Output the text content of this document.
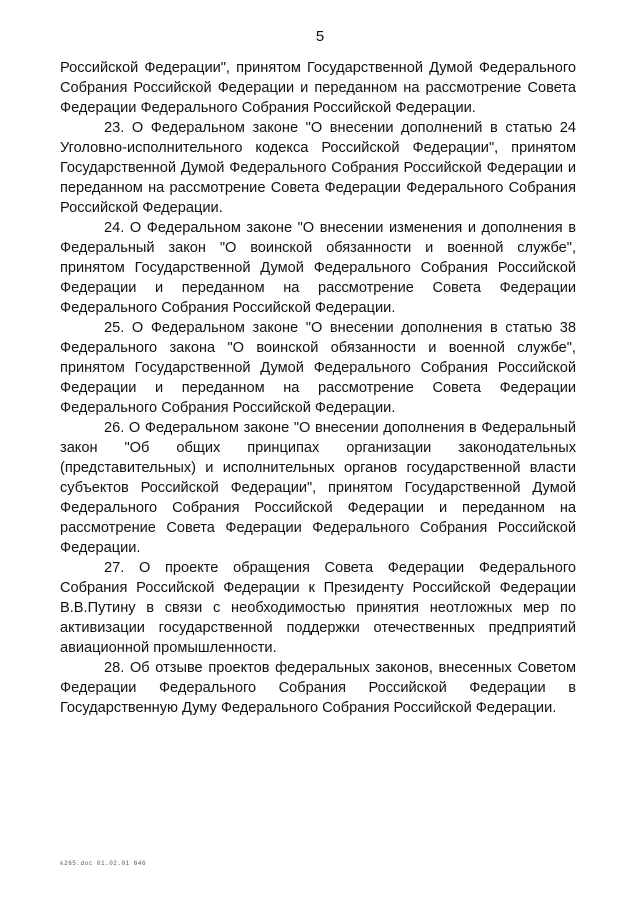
5

Российской Федерации", принятом Государственной Думой Федерального Собрания Российской Федерации и переданном на рассмотрение Совета Федерации Федерального Собрания Российской Федерации.

23. О Федеральном законе "О внесении дополнений в статью 24 Уголовно-исполнительного кодекса Российской Федерации", принятом Государственной Думой Федерального Собрания Российской Федерации и переданном на рассмотрение Совета Федерации Федерального Собрания Российской Федерации.

24. О Федеральном законе "О внесении изменения и дополнения в Федеральный закон "О воинской обязанности и военной службе", принятом Государственной Думой Федерального Собрания Российской Федерации и переданном на рассмотрение Совета Федерации Федерального Собрания Российской Федерации.

25. О Федеральном законе "О внесении дополнения в статью 38 Федерального закона "О воинской обязанности и военной службе", принятом Государственной Думой Федерального Собрания Российской Федерации и переданном на рассмотрение Совета Федерации Федерального Собрания Российской Федерации.

26. О Федеральном законе "О внесении дополнения в Федеральный закон "Об общих принципах организации законодательных (представительных) и исполнительных органов государственной власти субъектов Российской Федерации", принятом Государственной Думой Федерального Собрания Российской Федерации и переданном на рассмотрение Совета Федерации Федерального Собрания Российской Федерации.

27. О проекте обращения Совета Федерации Федерального Собрания Российской Федерации к Президенту Российской Федерации В.В.Путину в связи с необходимостью принятия неотложных мер по активизации государственной поддержки отечественных предприятий авиационной промышленности.

28. Об отзыве проектов федеральных законов, внесенных Советом Федерации Федерального Собрания Российской Федерации в Государственную Думу Федерального Собрания Российской Федерации.

k265.doc 01.02.01 646
